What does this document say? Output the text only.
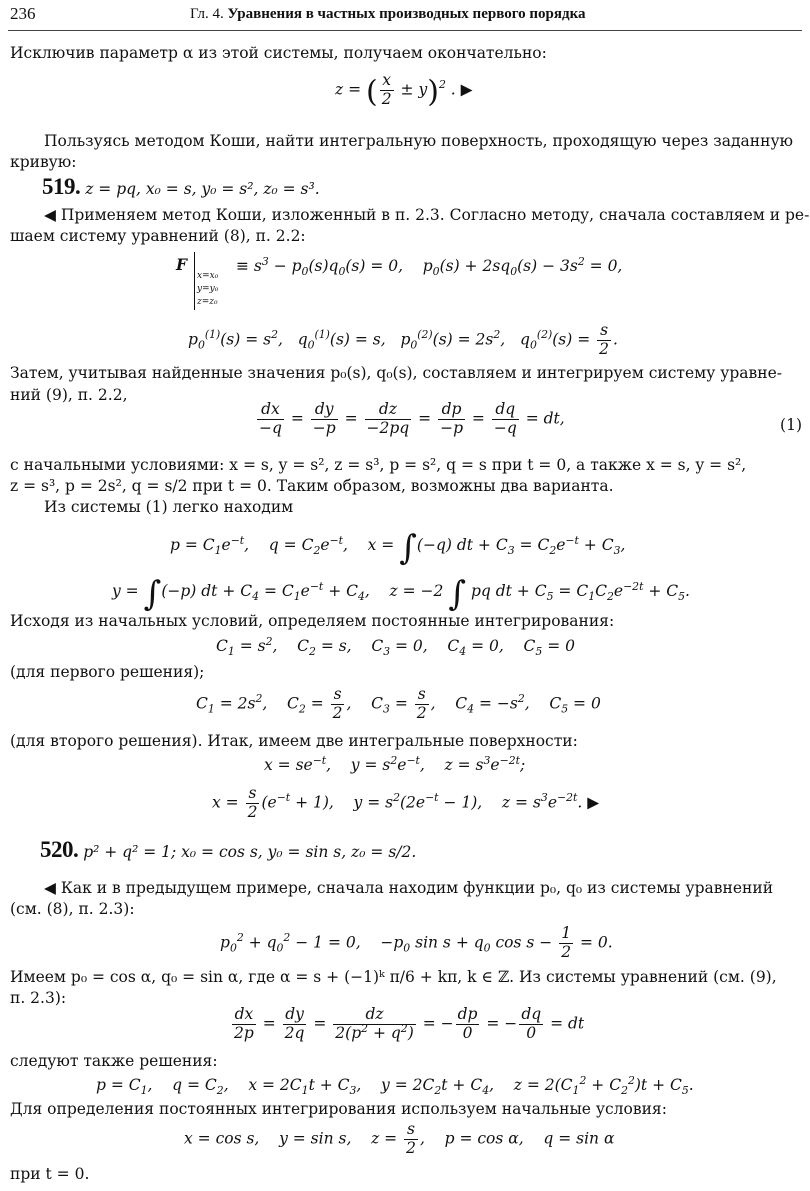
236	Гл. 4. Уравнения в частных производных первого порядка
Исключив параметр α из этой системы, получаем окончательно:
z = ( $\frac{x}{2} \pm y)^2$ . ▶
Пользуясь методом Коши, найти интегральную поверхность, проходящую через заданную
кривую:
519. z = pq, x₀ = s, y₀ = s², z₀ = s³.
◀ Применяем метод Коши, изложенный в п. 2.3. Согласно методу, сначала составляем и ре-
шаем систему уравнений (8), п. 2.2:
F
x=x₀
y=y₀
z=z₀
≡ $s^3 - p_0(s)q_0(s) = 0$,    $p_0(s) + 2sq_0(s) - 3s^2 = 0$,
$p_0^{(1)}(s) = s^2$,   $q_0^{(1)}(s) = s$,   $p_0^{(2)}(s) = 2s^2$,   $q_0^{(2)}(s) = \frac{s}{2}$ .
Затем, учитывая найденные значения p₀(s), q₀(s), составляем и интегрируем систему уравне-
ний (9), п. 2.2,
$\frac{dx}{-q} = \frac{dy}{-p} = \frac{dz}{-2pq} = \frac{dp}{-p} = \frac{dq}{-q}$ = dt,	(1)
с начальными условиями: x = s, y = s², z = s³, p = s², q = s при t = 0, а также x = s, y = s²,
z = s³, p = 2s², q = s/2 при t = 0. Таким образом, возможны два варианта.
Из системы (1) легко находим
$p = C_1e^{-t}$,    $q = C_2e^{-t}$,    x = ∫(−q) dt + $C_3 = C_2e^{-t} + C_3$,
y = ∫(−p) dt + $C_4 = C_1e^{-t} + C_4$,    z = −2 ∫ pq dt + $C_5 = C_1C_2e^{-2t} + C_5$.
Исходя из начальных условий, определяем постоянные интегрирования:
$C_1 = s^2$,    $C_2 = s$,    $C_3 = 0$,    $C_4 = 0$,    $C_5 = 0$
(для первого решения);
$C_1 = 2s^2$,    $C_2 = \frac{s}{2}$ ,    $C_3 = \frac{s}{2}$ ,    $C_4 = -s^2$,    $C_5 = 0$
(для второго решения). Итак, имеем две интегральные поверхности:
$x = se^{-t}$,    $y = s^2e^{-t}$,    $z = s^3e^{-2t}$;
$x = \frac{s}{2} (e^{-t} + 1)$,    $y = s^2(2e^{-t} - 1)$,    $z = s^3e^{-2t}$. ▶
520. p² + q² = 1; x₀ = cos s, y₀ = sin s, z₀ = s/2.
◀ Как и в предыдущем примере, сначала находим функции p₀, q₀ из системы уравнений
(см. (8), п. 2.3):
$p_0^2 + q_0^2 - 1 = 0$,    $-p_0$ $\sin s + q_0$ $\cos s - \frac{1}{2} = 0$.
Имеем p₀ = cos α, q₀ = sin α, где α = s + (−1)ᵏ π/6 + kπ, k ∈ ℤ. Из системы уравнений (см. (9),
п. 2.3):
$\frac{dx}{2p} = \frac{dy}{2q} = \frac{dz}{2(p^2 + q^2)}$ = − $\frac{dp}{0}$ = − $\frac{dq}{0}$ = dt
следуют также решения:
$p = C_1$,    $q = C_2$,    $x = 2C_1t + C_3$,    $y = 2C_2t + C_4$,    $z = 2(C_1^2 + C_2^2)t + C_5$.
Для определения постоянных интегрирования используем начальные условия:
x = cos s,    y = sin s,    $z = \frac{s}{2}$ ,    p = cos α,    q = sin α
при t = 0.
